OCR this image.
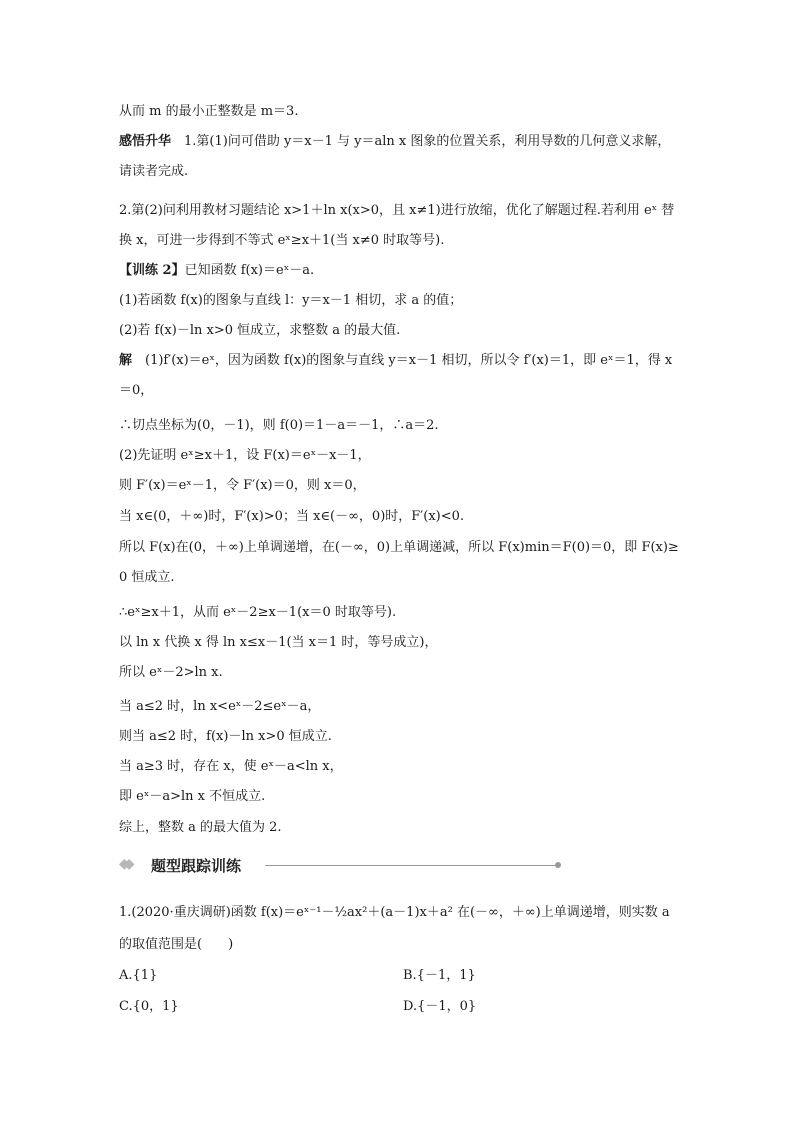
从而 m 的最小正整数是 m＝3.
感悟升华　1.第(1)问可借助 y＝x－1 与 y＝aln x 图象的位置关系，利用导数的几何意义求解，
请读者完成.
2.第(2)问利用教材习题结论 x>1＋ln x(x>0，且 x≠1)进行放缩，优化了解题过程.若利用 eˣ 替
换 x，可进一步得到不等式 eˣ≥x＋1(当 x≠0 时取等号).
【训练 2】已知函数 f(x)＝eˣ－a.
(1)若函数 f(x)的图象与直线 l：y＝x－1 相切，求 a 的值；
(2)若 f(x)－ln x>0 恒成立，求整数 a 的最大值.
解　(1)f′(x)＝eˣ，因为函数 f(x)的图象与直线 y＝x－1 相切，所以令 f′(x)＝1，即 eˣ＝1，得 x
＝0，
∴切点坐标为(0，－1)，则 f(0)＝1－a＝－1，∴a＝2.
(2)先证明 eˣ≥x＋1，设 F(x)＝eˣ－x－1，
则 F′(x)＝eˣ－1，令 F′(x)＝0，则 x＝0，
当 x∈(0，＋∞)时，F′(x)>0；当 x∈(－∞，0)时，F′(x)<0.
所以 F(x)在(0，＋∞)上单调递增，在(－∞，0)上单调递减，所以 F(x)min＝F(0)＝0，即 F(x)≥
0 恒成立.
∴eˣ≥x＋1，从而 eˣ－2≥x－1(x＝0 时取等号).
以 ln x 代换 x 得 ln x≤x－1(当 x＝1 时，等号成立)，
所以 eˣ－2>ln x.
当 a≤2 时，ln x<eˣ－2≤eˣ－a，
则当 a≤2 时，f(x)－ln x>0 恒成立.
当 a≥3 时，存在 x，使 eˣ－a<ln x，
即 eˣ－a>ln x 不恒成立.
综上，整数 a 的最大值为 2.
◆◆ 题型跟踪训练
1.(2020·重庆调研)函数 f(x)＝eˣ⁻¹－½ax²＋(a－1)x＋a² 在(－∞，＋∞)上单调递增，则实数 a
的取值范围是(　　)
A.{1}	B.{－1，1}
C.{0，1}	D.{－1，0}
